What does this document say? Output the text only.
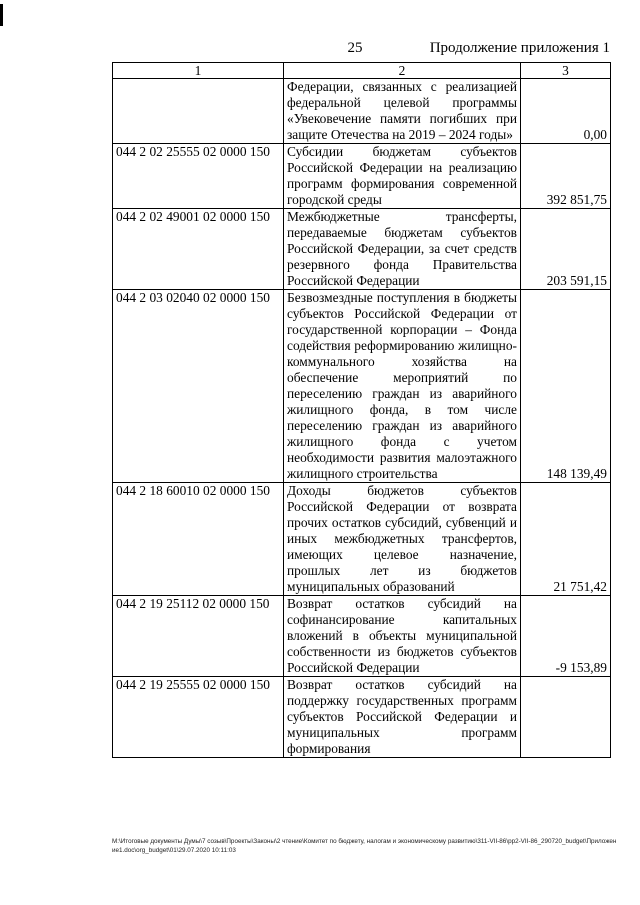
25	Продолжение приложения 1
1	2	3
	Федерации, связанных с реализацией федеральной целевой программы «Увековечение памяти погибших при защите Отечества на 2019 – 2024 годы»	0,00
044 2 02 25555 02 0000 150	Субсидии бюджетам субъектов Российской Федерации на реализацию программ формирования современной городской среды	392 851,75
044 2 02 49001 02 0000 150	Межбюджетные трансферты, передаваемые бюджетам субъектов Российской Федерации, за счет средств резервного фонда Правительства Российской Федерации	203 591,15
044 2 03 02040 02 0000 150	Безвозмездные поступления в бюджеты субъектов Российской Федерации от государственной корпорации – Фонда содействия реформированию жилищно-коммунального хозяйства на обеспечение мероприятий по переселению граждан из аварийного жилищного фонда, в том числе переселению граждан из аварийного жилищного фонда с учетом необходимости развития малоэтажного жилищного строительства	148 139,49
044 2 18 60010 02 0000 150	Доходы бюджетов субъектов Российской Федерации от возврата прочих остатков субсидий, субвенций и иных межбюджетных трансфертов, имеющих целевое назначение, прошлых лет из бюджетов муниципальных образований	21 751,42
044 2 19 25112 02 0000 150	Возврат остатков субсидий на софинансирование капитальных вложений в объекты муниципальной собственности из бюджетов субъектов Российской Федерации	-9 153,89
044 2 19 25555 02 0000 150	Возврат остатков субсидий на поддержку государственных программ субъектов Российской Федерации и муниципальных программ формирования	
М:\Итоговые документы Думы\7 созыв\Проекты\Законы\2 чтение\Комитет по бюджету, налогам и экономическому развитию\311-VII-86\pp2-VII-86_290720_budget\Приложение1.doc\org_budget\01\29.07.2020 10:11:03
